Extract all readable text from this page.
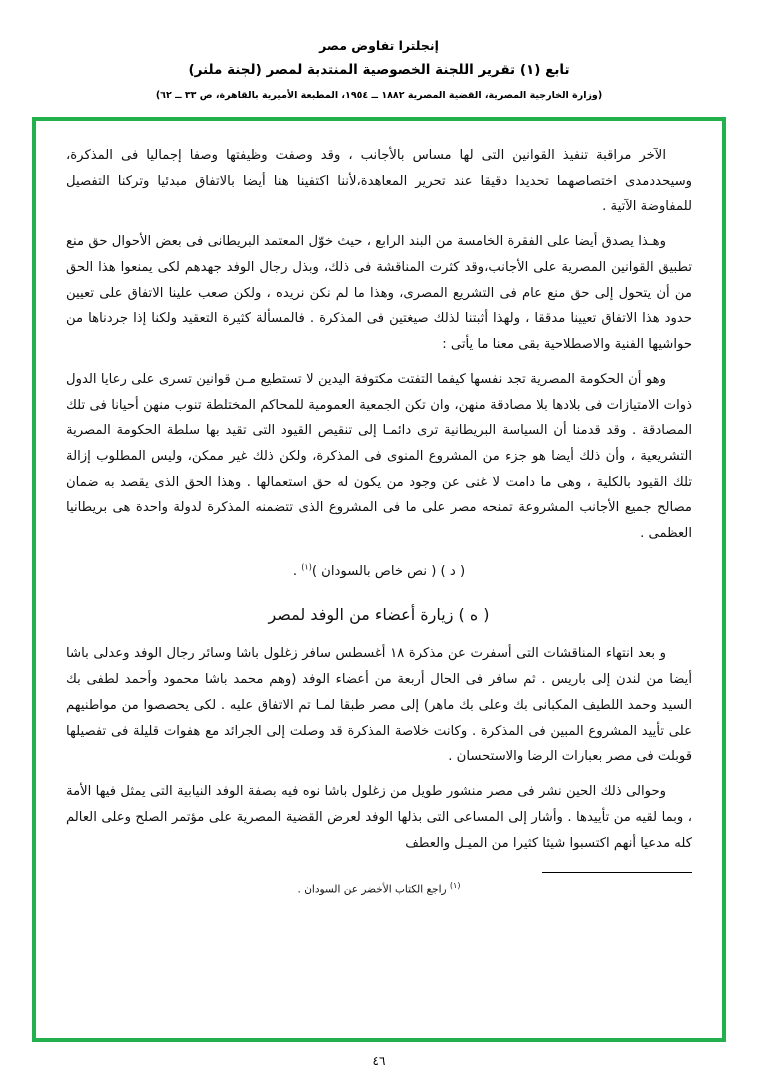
إنجلترا تفاوض مصر
تابع (١) تقرير اللجنة الخصوصية المنتدبة لمصر (لجنة ملنر)
(وزارة الخارجية المصرية، القضية المصرية ١٨٨٢ ــ ١٩٥٤، المطبعة الأميرية بالقاهرة، ص ٣٣ ــ ٦٢)

الآخر مراقبة تنفيذ القوانين التى لها مساس بالأجانب ، وقد وصفت وظيفتها وصفا إجماليا فى المذكرة، وسيحددمدى اختصاصهما تحديدا دقيقا عند تحرير المعاهدة،لأننا اكتفينا هنا أيضا بالاتفاق مبدئيا وتركنا التفصيل للمفاوضة الآتية .

وهـذا يصدق أيضا على الفقرة الخامسة من البند الرابع ، حيث خوّل المعتمد البريطانى فى بعض الأحوال حق منع تطبيق القوانين المصرية على الأجانب،وقد كثرت المناقشة فى ذلك، وبذل رجال الوفد جهدهم لكى يمنعوا هذا الحق من أن يتحول إلى حق منع عام فى التشريع المصرى، وهذا ما لم نكن نريده ، ولكن صعب علينا الاتفاق على تعيين حدود هذا الاتفاق تعيينا مدققا ، ولهذا أثبتنا لذلك صيغتين فى المذكرة . فالمسألة كثيرة التعقيد ولكنا إذا جردناها من حواشيها الفنية والاصطلاحية بقى معنا ما يأتى :

وهو أن الحكومة المصرية تجد نفسها كيفما التفتت مكتوفة اليدين لا تستطيع مـن قوانين تسرى على رعايا الدول ذوات الامتيازات فى بلادها بلا مصادقة منهن، وان تكن الجمعية العمومية للمحاكم المختلطة تنوب منهن أحيانا فى تلك المصادقة . وقد قدمنا أن السياسة البريطانية ترى دائمـا إلى تنقيص القيود التى تقيد بها سلطة الحكومة المصرية التشريعية ، وأن ذلك أيضا هو جزء من المشروع المنوى فى المذكرة، ولكن ذلك غير ممكن، وليس المطلوب إزالة تلك القيود بالكلية ، وهى ما دامت لا غنى عن وجود من يكون له حق استعمالها . وهذا الحق الذى يقصد به ضمان مصالح جميع الأجانب المشروعة تمنحه مصر على ما فى المشروع الذى تتضمنه المذكرة لدولة واحدة هى بريطانيا العظمى .

( د ) ( نص خاص بالسودان )$^{(١)}$ .
( ه ) زيارة أعضاء من الوفد لمصر

و بعد انتهاء المناقشات التى أسفرت عن مذكرة ١٨ أغسطس سافر زغلول باشا وسائر رجال الوفد وعدلى باشا أيضا من لندن إلى باريس . ثم سافر فى الحال أربعة من أعضاء الوفد (وهم محمد باشا محمود وأحمد لطفى بك السيد وحمد اللطيف المكبانى بك وعلى بك ماهر) إلى مصر طبقا لمـا تم الاتفاق عليه . لكى يحصصوا من مواطنيهم على تأييد المشروع المبين فى المذكرة . وكانت خلاصة المذكرة قد وصلت إلى الجرائد مع هفوات قليلة فى تفصيلها قوبلت فى مصر بعبارات الرضا والاستحسان .

وحوالى ذلك الحين نشر فى مصر منشور طويل من زغلول باشا نوه فيه بصفة الوفد النيابية التى يمثل فيها الأمة ، وبما لقيه من تأييدها . وأشار إلى المساعى التى بذلها الوفد لعرض القضية المصرية على مؤتمر الصلح وعلى العالم كله مدعيا أنهم اكتسبوا شيئا كثيرا من الميـل والعطف

$^{(١)}$ راجع الكتاب الأخضر عن السودان .
٤٦
